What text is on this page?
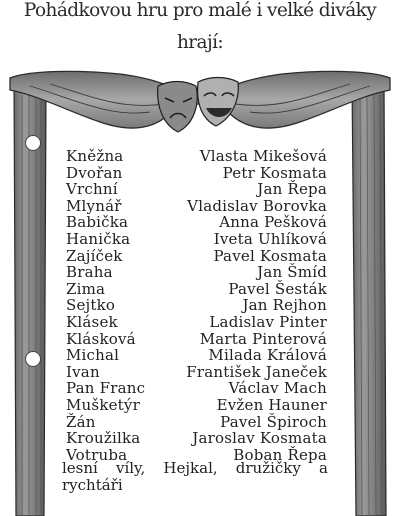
Pohádkovou hru pro malé i velké diváky
hrají:
Kněžna	Vlasta Mikešová
Dvořan	Petr Kosmata
Vrchní	Jan Řepa
Mlynář	Vladislav Borovka
Babička	Anna Pešková
Hanička	Iveta Uhlíková
Zajíček	Pavel Kosmata
Braha	Jan Šmíd
Zima	Pavel Šesták
Sejtko	Jan Rejhon
Klásek	Ladislav Pinter
Klásková	Marta Pinterová
Michal	Milada Králová
Ivan	František Janeček
Pan Franc	Václav Mach
Mušketýr	Evžen Hauner
Žán	Pavel Špiroch
Kroužilka	Jaroslav Kosmata
Votruba	Boban Řepa
lesní víly, Hejkal, družičky a
rychtáři
